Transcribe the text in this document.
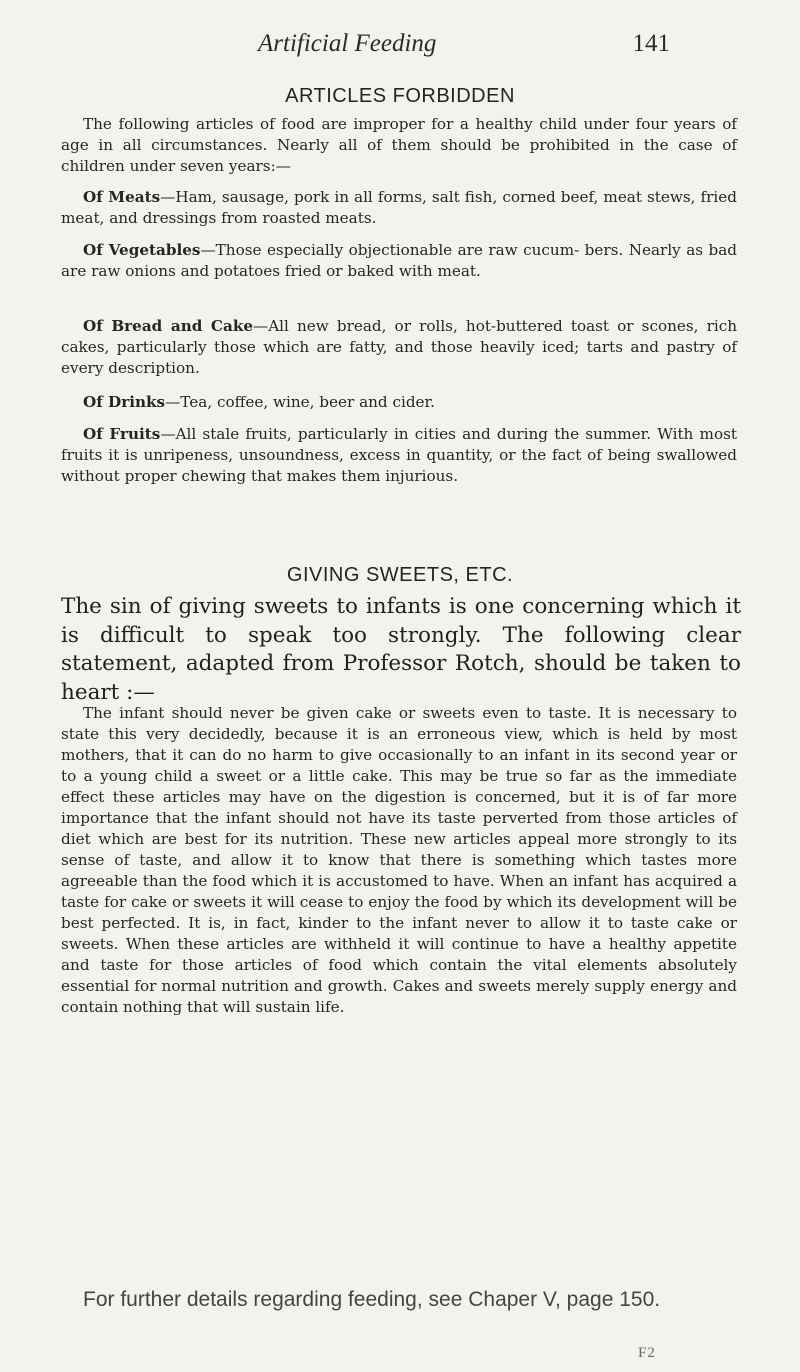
Artificial Feeding	141
ARTICLES FORBIDDEN

The following articles of food are improper for a healthy child under four years of age in all circumstances. Nearly all of them should be prohibited in the case of children under seven years:—

Of Meats—Ham, sausage, pork in all forms, salt fish, corned beef, meat stews, fried meat, and dressings from roasted meats.

Of Vegetables—Those especially objectionable are raw cucum- bers. Nearly as bad are raw onions and potatoes fried or baked with meat.

Of Bread and Cake—All new bread, or rolls, hot-buttered toast or scones, rich cakes, particularly those which are fatty, and those heavily iced; tarts and pastry of every description.

Of Drinks—Tea, coffee, wine, beer and cider.

Of Fruits—All stale fruits, particularly in cities and during the summer. With most fruits it is unripeness, unsoundness, excess in quantity, or the fact of being swallowed without proper chewing that makes them injurious.

GIVING SWEETS, ETC.
The sin of giving sweets to infants is one concerning which it is difficult to speak too strongly. The following clear statement, adapted from Professor Rotch, should be taken to heart :—

The infant should never be given cake or sweets even to taste. It is necessary to state this very decidedly, because it is an erroneous view, which is held by most mothers, that it can do no harm to give occasionally to an infant in its second year or to a young child a sweet or a little cake. This may be true so far as the immediate effect these articles may have on the digestion is concerned, but it is of far more importance that the infant should not have its taste perverted from those articles of diet which are best for its nutrition. These new articles appeal more strongly to its sense of taste, and allow it to know that there is something which tastes more agreeable than the food which it is accustomed to have. When an infant has acquired a taste for cake or sweets it will cease to enjoy the food by which its development will be best perfected. It is, in fact, kinder to the infant never to allow it to taste cake or sweets. When these articles are withheld it will continue to have a healthy appetite and taste for those articles of food which contain the vital elements absolutely essential for normal nutrition and growth. Cakes and sweets merely supply energy and contain nothing that will sustain life.

For further details regarding feeding, see Chaper V, page 150.
F2
